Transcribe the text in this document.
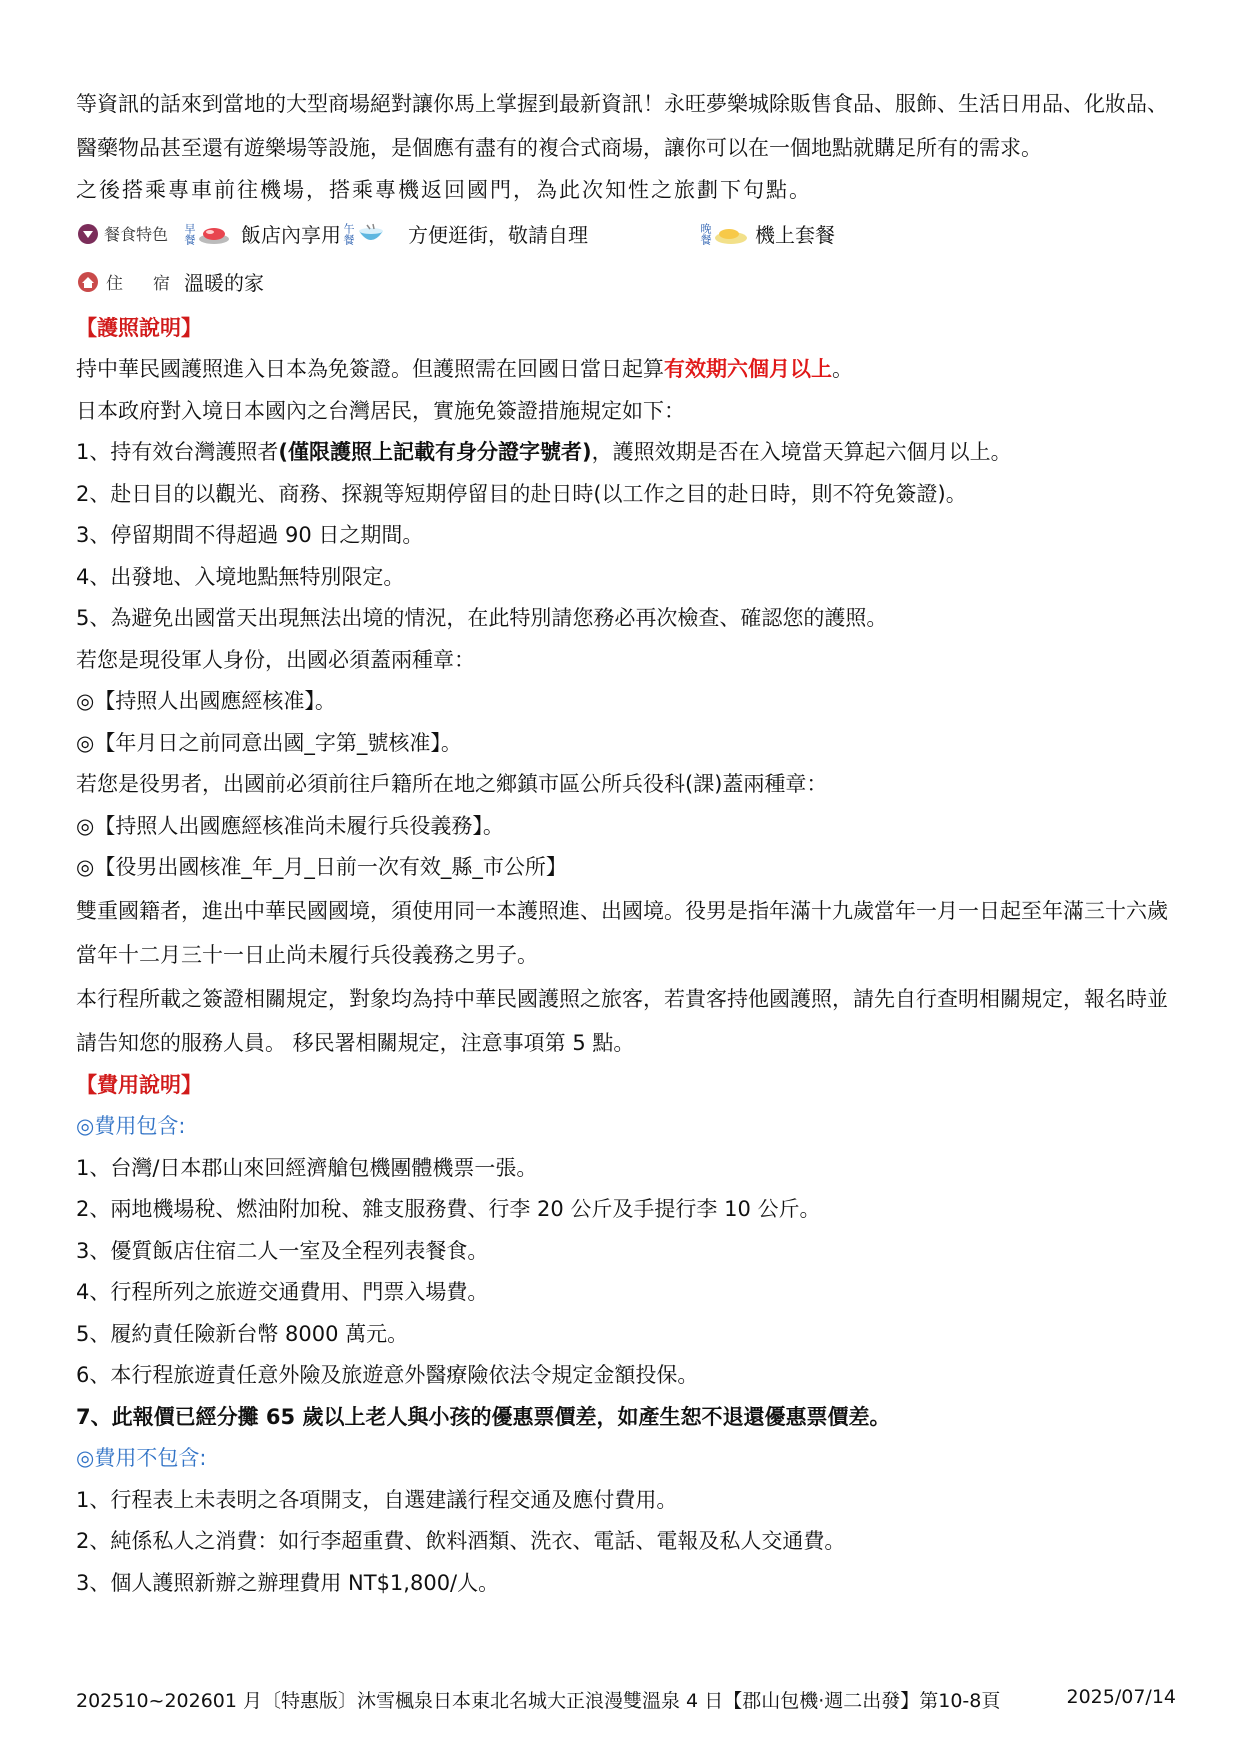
等資訊的話來到當地的大型商場絕對讓你馬上掌握到最新資訊！永旺夢樂城除販售食品、服飾、生活日用品、化妝品、醫藥物品甚至還有遊樂場等設施，是個應有盡有的複合式商場，讓你可以在一個地點就購足所有的需求。
之後搭乘專車前往機場，搭乘專機返回國門，為此次知性之旅劃下句點。
餐食特色 早餐 飯店內享用 午餐	方便逛街，敬請自理	晚餐 機上套餐
住 宿 溫暖的家
【護照說明】
持中華民國護照進入日本為免簽證。但護照需在回國日當日起算有效期六個月以上。
日本政府對入境日本國內之台灣居民，實施免簽證措施規定如下：
1、持有效台灣護照者(僅限護照上記載有身分證字號者)，護照效期是否在入境當天算起六個月以上。
2、赴日目的以觀光、商務、探親等短期停留目的赴日時(以工作之目的赴日時，則不符免簽證)。
3、停留期間不得超過 90 日之期間。
4、出發地、入境地點無特別限定。
5、為避免出國當天出現無法出境的情況，在此特別請您務必再次檢查、確認您的護照。
若您是現役軍人身份，出國必須蓋兩種章：
◎【持照人出國應經核准】。
◎【年月日之前同意出國_字第_號核准】。
若您是役男者，出國前必須前往戶籍所在地之鄉鎮市區公所兵役科(課)蓋兩種章：
◎【持照人出國應經核准尚未履行兵役義務】。
◎【役男出國核准_年_月_日前一次有效_縣_市公所】
雙重國籍者，進出中華民國國境，須使用同一本護照進、出國境。役男是指年滿十九歲當年一月一日起至年滿三十六歲當年十二月三十一日止尚未履行兵役義務之男子。
本行程所載之簽證相關規定，對象均為持中華民國護照之旅客，若貴客持他國護照，請先自行查明相關規定，報名時並請告知您的服務人員。 移民署相關規定，注意事項第 5 點。
【費用說明】
◎費用包含:
1、台灣/日本郡山來回經濟艙包機團體機票一張。
2、兩地機場稅、燃油附加稅、雜支服務費、行李 20 公斤及手提行李 10 公斤。
3、優質飯店住宿二人一室及全程列表餐食。
4、行程所列之旅遊交通費用、門票入場費。
5、履約責任險新台幣 8000 萬元。
6、本行程旅遊責任意外險及旅遊意外醫療險依法令規定金額投保。
7、此報價已經分攤 65 歲以上老人與小孩的優惠票價差，如產生恕不退還優惠票價差。
◎費用不包含:
1、行程表上未表明之各項開支，自選建議行程交通及應付費用。
2、純係私人之消費：如行李超重費、飲料酒類、洗衣、電話、電報及私人交通費。
3、個人護照新辦之辦理費用 NT$1,800/人。
202510~202601 月〔特惠版〕沐雪楓泉日本東北名城大正浪漫雙溫泉 4 日【郡山包機‧週二出發】第10-8頁	2025/07/14
